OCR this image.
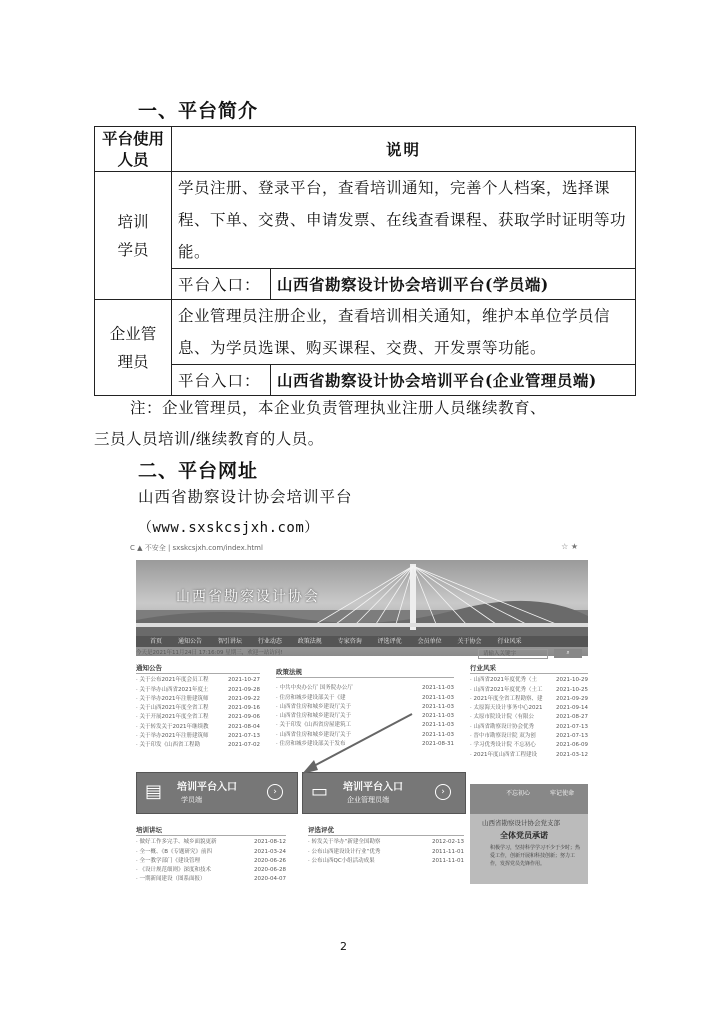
一、平台简介
平台使用人员	说明	
培训学员	学员注册、登录平台，查看培训通知，完善个人档案，选择课程、下单、交费、申请发票、在线查看课程、获取学时证明等功能。	
	平台入口：	山西省勘察设计协会培训平台(学员端)
企业管理员	企业管理员注册企业，查看培训相关通知，维护本单位学员信息、为学员选课、购买课程、交费、开发票等功能。	
	平台入口：	山西省勘察设计协会培训平台(企业管理员端)
注：企业管理员，本企业负责管理执业注册人员继续教育、
三员人员培训/继续教育的人员。
二、平台网址
山西省勘察设计协会培训平台
（www.sxskcsjxh.com）
C ▲ 不安全 | sxskcsjxh.com/index.html	☆ ★
山西省勘察设计协会
首页	通知公告	智引讲坛	行业动态	政策法规	专家咨询	评选评优	会员单位	关于协会	行业风采
今天是2021年11月24日 17:16:09 星期三，欢迎一站访问!	请输入关键字	⌕
通知公告
2021-10-27
· 关于公布2021年度会员工程
2021-09-28
· 关于举办山西省2021年度土
2021-09-22
· 关于举办2021年注册建筑师
2021-09-16
· 关于山西2021年度全省工程
2021-09-06
· 关于开展2021年度全省工程
2021-08-04
· 关于转发关于2021年继续教
2021-07-13
· 关于举办2021年注册建筑师
2021-07-02
· 关于印发《山西省工程勘
政策法规
2021-11-03
· 中共中央办公厅 国务院办公厅
2021-11-03
· 住房和城乡建设部关于《建
2021-11-03
· 山西省住房和城乡建设厅关于
2021-11-03
· 山西省住房和城乡建设厅关于
2021-11-03
· 关于印发《山西省房屋建筑工
2021-11-03
· 山西省住房和城乡建设厅关于
2021-08-31
· 住房和城乡建设部关于发布
行业风采
2021-10-29
· 山西省2021年度优秀（土
2021-10-25
· 山西省2021年度优秀（土工
2021-09-29
· 2021年度全省工程勘察、建
2021-09-14
· 太原海天设计事务中心2021
2021-08-27
· 太原市院设计院（有限公
2021-07-13
· 山西省勘察设计协会优秀
2021-07-13
· 晋中市勘察设计院 双为创
2021-06-09
· 学习优秀设计院 不忘初心
2021-03-12
· 2021年度山西省工程建设
▤ 培训平台入口
学员端
›	▭ 培训平台入口
企业管理员端
›
培训讲坛
2021-08-12
· 做好工作多完手、城乡面貌更新
2021-03-24
· 全一概、《B《专题研究》前四
2020-06-26
· 全一教学部门《建设管理
2020-06-28
· 《设计规范细则》深度和技术
2020-04-07
· 一期新闻建设（图系面报）
评选评优
2012-02-13
· 转发关于举办“新建全国勘察
2011-11-01
· 公布山西建设设计行业“优秀
2011-11-01
· 公布山西QC小组活动成果
不忘初心	牢记使命
山西省勘察设计协会党支部
全体党员承诺
积极学习，坚持科学学习不少于少时；热爱工作，创新开展和科技创新；努力工作，发挥党员先锋作用。
2
